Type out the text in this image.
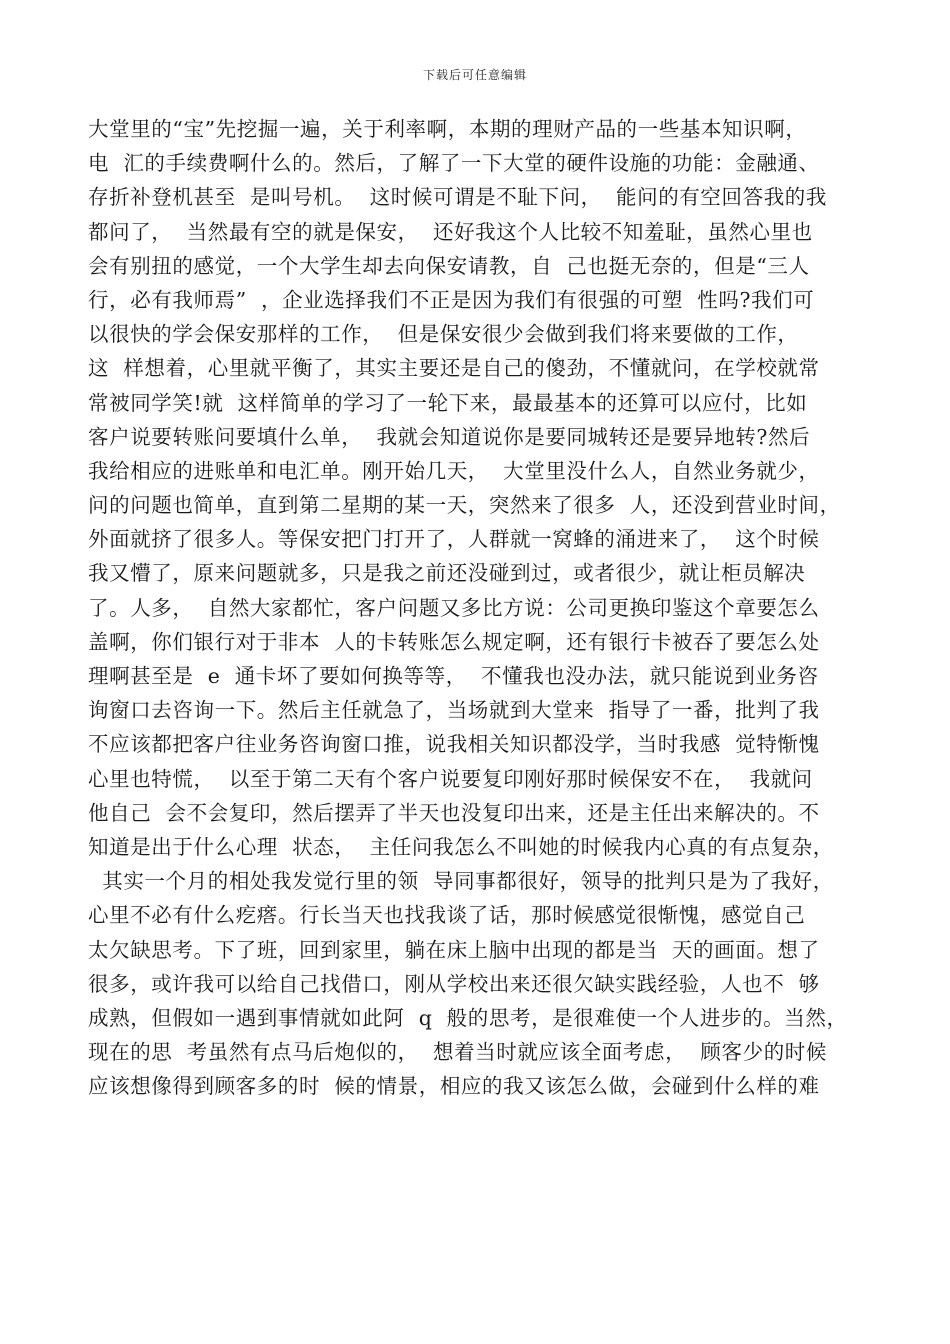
下载后可任意编辑
大堂里的“宝”先挖掘一遍，关于利率啊，本期的理财产品的一些基本知识啊，
电  汇的手续费啊什么的。然后，了解了一下大堂的硬件设施的功能：金融通、
存折补登机甚至  是叫号机。  这时候可谓是不耻下问，  能问的有空回答我的我
都问了，  当然最有空的就是保安，  还好我这个人比较不知羞耻，虽然心里也
会有别扭的感觉，一个大学生却去向保安请教，自  己也挺无奈的，但是“三人
行，必有我师焉”  ，企业选择我们不正是因为我们有很强的可塑  性吗?我们可
以很快的学会保安那样的工作，  但是保安很少会做到我们将来要做的工作，
这  样想着，心里就平衡了，其实主要还是自己的傻劲，不懂就问，在学校就常
常被同学笑!就  这样简单的学习了一轮下来，最最基本的还算可以应付，比如
客户说要转账问要填什么单，  我就会知道说你是要同城转还是要异地转?然后
我给相应的进账单和电汇单。刚开始几天，  大堂里没什么人，自然业务就少，
问的问题也简单，直到第二星期的某一天，突然来了很多  人，还没到营业时间，
外面就挤了很多人。等保安把门打开了，人群就一窝蜂的涌进来了，  这个时候
我又懵了，原来问题就多，只是我之前还没碰到过，或者很少，就让柜员解决
了。人多，  自然大家都忙，客户问题又多比方说：公司更换印鉴这个章要怎么
盖啊，你们银行对于非本  人的卡转账怎么规定啊，还有银行卡被吞了要怎么处
理啊甚至是  e  通卡坏了要如何换等等，  不懂我也没办法，就只能说到业务咨
询窗口去咨询一下。然后主任就急了，当场就到大堂来  指导了一番，批判了我
不应该都把客户往业务咨询窗口推，说我相关知识都没学，当时我感  觉特惭愧
心里也特慌，  以至于第二天有个客户说要复印刚好那时候保安不在，  我就问
他自己  会不会复印，然后摆弄了半天也没复印出来，还是主任出来解决的。不
知道是出于什么心理  状态，  主任问我怎么不叫她的时候我内心真的有点复杂，
其实一个月的相处我发觉行里的领  导同事都很好，领导的批判只是为了我好，
心里不必有什么疙瘩。行长当天也找我谈了话，那时候感觉很惭愧，感觉自己
太欠缺思考。下了班，回到家里，躺在床上脑中出现的都是当  天的画面。想了
很多，或许我可以给自己找借口，刚从学校出来还很欠缺实践经验，人也不  够
成熟，但假如一遇到事情就如此阿  q  般的思考，是很难使一个人进步的。当然，
现在的思  考虽然有点马后炮似的，  想着当时就应该全面考虑，  顾客少的时候
应该想像得到顾客多的时  候的情景，相应的我又该怎么做，会碰到什么样的难
